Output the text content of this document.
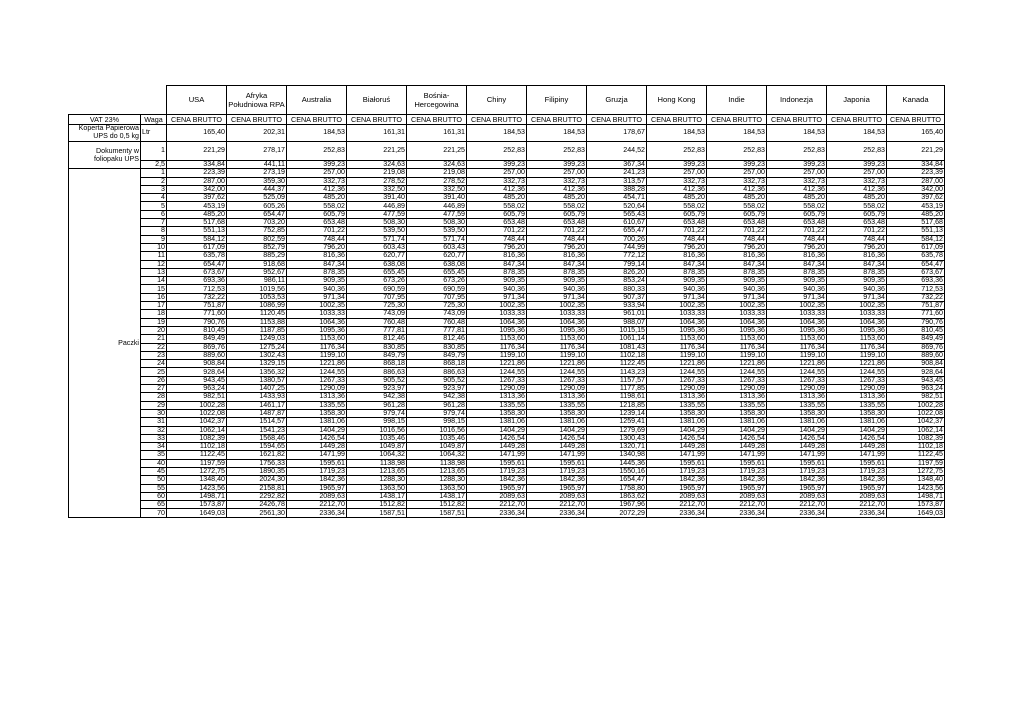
		USA	Afryka Południowa RPA	Australia	Białoruś	Bośnia-Hercegowina	Chiny	Filipiny	Gruzja	Hong Kong	Indie	Indonezja	Japonia	Kanada
VAT 23%	Waga	CENA BRUTTO	CENA BRUTTO	CENA BRUTTO	CENA BRUTTO	CENA BRUTTO	CENA BRUTTO	CENA BRUTTO	CENA BRUTTO	CENA BRUTTO	CENA BRUTTO	CENA BRUTTO	CENA BRUTTO	CENA BRUTTO
Koperta Papierowa UPS do 0,5 kg	Ltr	165,40	202,31	184,53	161,31	161,31	184,53	184,53	178,67	184,53	184,53	184,53	184,53	165,40
Dokumenty w foliopaku UPS	1	221,29	278,17	252,83	221,25	221,25	252,83	252,83	244,52	252,83	252,83	252,83	252,83	221,29
	2,5	334,84	441,11	399,23	324,63	324,63	399,23	399,23	367,34	399,23	399,23	399,23	399,23	334,84
Paczki	1	223,39	273,19	257,00	219,08	219,08	257,00	257,00	241,23	257,00	257,00	257,00	257,00	223,39
	2	287,00	359,30	332,73	278,52	278,52	332,73	332,73	313,57	332,73	332,73	332,73	332,73	287,00
	3	342,00	444,37	412,36	332,50	332,50	412,36	412,36	388,28	412,36	412,36	412,36	412,36	342,00
	4	397,62	525,09	485,20	391,40	391,40	485,20	485,20	454,71	485,20	485,20	485,20	485,20	397,62
	5	453,19	605,26	558,02	446,89	446,89	558,02	558,02	520,64	558,02	558,02	558,02	558,02	453,19
	6	485,20	654,47	605,79	477,59	477,59	605,79	605,79	565,43	605,79	605,79	605,79	605,79	485,20
	7	517,68	703,20	653,48	508,30	508,30	653,48	653,48	610,67	653,48	653,48	653,48	653,48	517,68
	8	551,13	752,85	701,22	539,50	539,50	701,22	701,22	655,47	701,22	701,22	701,22	701,22	551,13
	9	584,12	802,59	748,44	571,74	571,74	748,44	748,44	700,26	748,44	748,44	748,44	748,44	584,12
	10	617,09	852,79	796,20	603,43	603,43	796,20	796,20	744,99	796,20	796,20	796,20	796,20	617,09
	11	635,78	885,29	816,36	620,77	620,77	816,36	816,36	772,12	816,36	816,36	816,36	816,36	635,78
	12	654,47	918,68	847,34	638,08	638,08	847,34	847,34	799,14	847,34	847,34	847,34	847,34	654,47
	13	673,67	952,67	878,35	655,45	655,45	878,35	878,35	826,20	878,35	878,35	878,35	878,35	673,67
	14	693,36	986,11	909,35	673,26	673,26	909,35	909,35	853,24	909,35	909,35	909,35	909,35	693,36
	15	712,53	1019,56	940,36	690,59	690,59	940,36	940,36	880,33	940,36	940,36	940,36	940,36	712,53
	16	732,22	1053,53	971,34	707,95	707,95	971,34	971,34	907,37	971,34	971,34	971,34	971,34	732,22
	17	751,87	1086,99	1002,35	725,30	725,30	1002,35	1002,35	933,94	1002,35	1002,35	1002,35	1002,35	751,87
	18	771,60	1120,45	1033,33	743,09	743,09	1033,33	1033,33	961,01	1033,33	1033,33	1033,33	1033,33	771,60
	19	790,76	1153,88	1064,36	760,48	760,48	1064,36	1064,36	988,07	1064,36	1064,36	1064,36	1064,36	790,76
	20	810,45	1187,85	1095,36	777,81	777,81	1095,36	1095,36	1015,15	1095,36	1095,36	1095,36	1095,36	810,45
	21	849,49	1249,03	1153,60	812,46	812,46	1153,60	1153,60	1061,14	1153,60	1153,60	1153,60	1153,60	849,49
	22	869,76	1275,24	1176,34	830,85	830,85	1176,34	1176,34	1081,43	1176,34	1176,34	1176,34	1176,34	869,76
	23	889,60	1302,43	1199,10	849,79	849,79	1199,10	1199,10	1102,18	1199,10	1199,10	1199,10	1199,10	889,60
	24	908,84	1329,15	1221,86	868,18	868,18	1221,86	1221,86	1122,45	1221,86	1221,86	1221,86	1221,86	908,84
	25	928,64	1356,32	1244,55	886,63	886,63	1244,55	1244,55	1143,23	1244,55	1244,55	1244,55	1244,55	928,64
	26	943,45	1380,57	1267,33	905,52	905,52	1267,33	1267,33	1157,57	1267,33	1267,33	1267,33	1267,33	943,45
	27	963,24	1407,25	1290,09	923,97	923,97	1290,09	1290,09	1177,85	1290,09	1290,09	1290,09	1290,09	963,24
	28	982,51	1433,93	1313,36	942,38	942,38	1313,36	1313,36	1198,61	1313,36	1313,36	1313,36	1313,36	982,51
	29	1002,28	1461,17	1335,55	961,28	961,28	1335,55	1335,55	1218,85	1335,55	1335,55	1335,55	1335,55	1002,28
	30	1022,08	1487,87	1358,30	979,74	979,74	1358,30	1358,30	1239,14	1358,30	1358,30	1358,30	1358,30	1022,08
	31	1042,37	1514,57	1381,06	998,15	998,15	1381,06	1381,06	1259,41	1381,06	1381,06	1381,06	1381,06	1042,37
	32	1062,14	1541,23	1404,29	1016,56	1016,56	1404,29	1404,29	1279,69	1404,29	1404,29	1404,29	1404,29	1062,14
	33	1082,39	1568,46	1426,54	1035,46	1035,46	1426,54	1426,54	1300,43	1426,54	1426,54	1426,54	1426,54	1082,39
	34	1102,18	1594,65	1449,28	1049,87	1049,87	1449,28	1449,28	1320,71	1449,28	1449,28	1449,28	1449,28	1102,18
	35	1122,45	1621,82	1471,99	1064,32	1064,32	1471,99	1471,99	1340,98	1471,99	1471,99	1471,99	1471,99	1122,45
	40	1197,59	1756,33	1595,61	1138,98	1138,98	1595,61	1595,61	1445,36	1595,61	1595,61	1595,61	1595,61	1197,59
	45	1272,75	1890,35	1719,23	1213,65	1213,65	1719,23	1719,23	1550,16	1719,23	1719,23	1719,23	1719,23	1272,75
	50	1348,40	2024,30	1842,36	1288,30	1288,30	1842,36	1842,36	1654,47	1842,36	1842,36	1842,36	1842,36	1348,40
	55	1423,56	2158,81	1965,97	1363,50	1363,50	1965,97	1965,97	1758,80	1965,97	1965,97	1965,97	1965,97	1423,56
	60	1498,71	2292,82	2089,63	1438,17	1438,17	2089,63	2089,63	1863,62	2089,63	2089,63	2089,63	2089,63	1498,71
	65	1573,87	2426,78	2212,70	1512,82	1512,82	2212,70	2212,70	1967,96	2212,70	2212,70	2212,70	2212,70	1573,87
	70	1649,03	2561,30	2336,34	1587,51	1587,51	2336,34	2336,34	2072,29	2336,34	2336,34	2336,34	2336,34	1649,03
